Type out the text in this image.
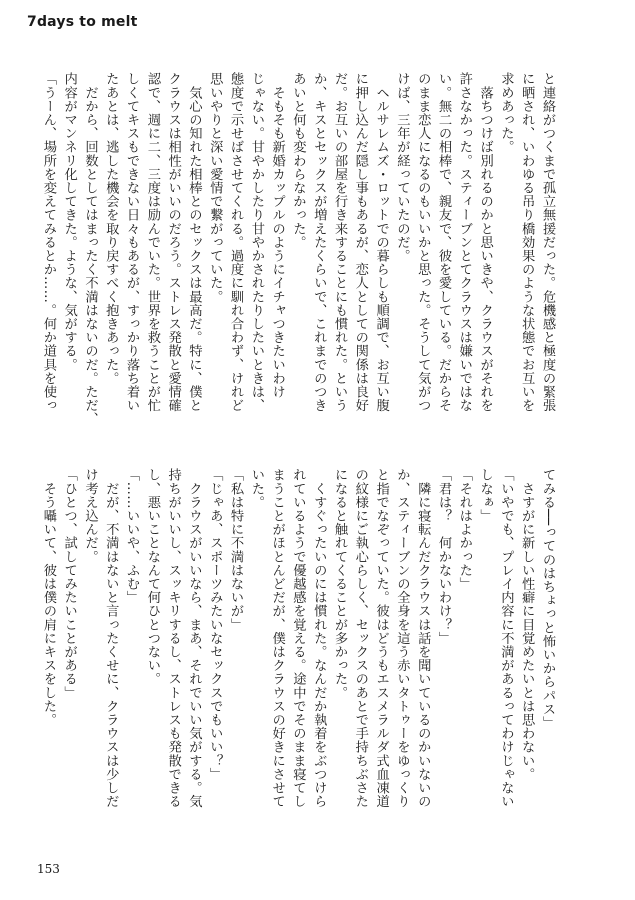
7days to melt
と連絡がつくまで孤立無援だった。危機感と極度の緊張
に晒され、いわゆる吊り橋効果のような状態でお互いを
求めあった。
　落ちつけば別れるのかと思いきや、クラウスがそれを
許さなかった。スティーブンとてクラウスは嫌いではな
い。無二の相棒で、親友で、彼を愛している。だからそ
のまま恋人になるのもいいかと思った。そうして気がつ
けば、三年が経っていたのだ。
　ヘルサレムズ・ロットでの暮らしも順調で、お互い腹
に押し込んだ隠し事もあるが、恋人としての関係は良好
だ。お互いの部屋を行き来することにも慣れた。という
か、キスとセックスが増えたくらいで、これまでのつき
あいと何も変わらなかった。
　そもそも新婚カップルのようにイチャつきたいわけ
じゃない。甘やかしたり甘やかされたりしたいときは、
態度で示せばさせてくれる。過度に馴れ合わず、けれど
思いやりと深い愛情で繋がっていた。
　気心の知れた相棒とのセックスは最高だ。特に、僕と
クラウスは相性がいいのだろう。ストレス発散と愛情確
認で、週に二、三度は励んでいた。世界を救うことが忙
しくてキスもできない日々もあるが、すっかり落ち着い
たあとは、逃した機会を取り戻すべく抱きあった。
　だから、回数としてはまったく不満はないのだ。ただ、
内容がマンネリ化してきた。ような、気がする。
「うーん、場所を変えてみるとか……。何か道具を使っ
てみる──ってのはちょっと怖いからパス」
　さすがに新しい性癖に目覚めたいとは思わない。
「いやでも、プレイ内容に不満があるってわけじゃない
しなぁ」
「それはよかった」
「君は？　何かないわけ？」
　隣に寝転んだクラウスは話を聞いているのかいないの
か、スティーブンの全身を這う赤いタトゥーをゆっくり
と指でなぞっていた。彼はどうもエスメラルダ式血凍道
の紋様にご執心らしく、セックスのあとで手持ちぶさた
になると触れてくることが多かった。
　くすぐったいのには慣れた。なんだか執着をぶつけら
れているようで優越感を覚える。途中でそのまま寝てし
まうことがほとんどだが、僕はクラウスの好きにさせて
いた。
「私は特に不満はないが」
「じゃあ、スポーツみたいなセックスでもいい？」
　クラウスがいいなら、まあ、それでいい気がする。気
持ちがいいし、スッキリするし、ストレスも発散できる
し、悪いことなんて何ひとつない。
「……いいや、ふむ」
　だが、不満はないと言ったくせに、クラウスは少しだ
け考え込んだ。
「ひとつ、試してみたいことがある」
　そう囁いて、彼は僕の肩にキスをした。
153
